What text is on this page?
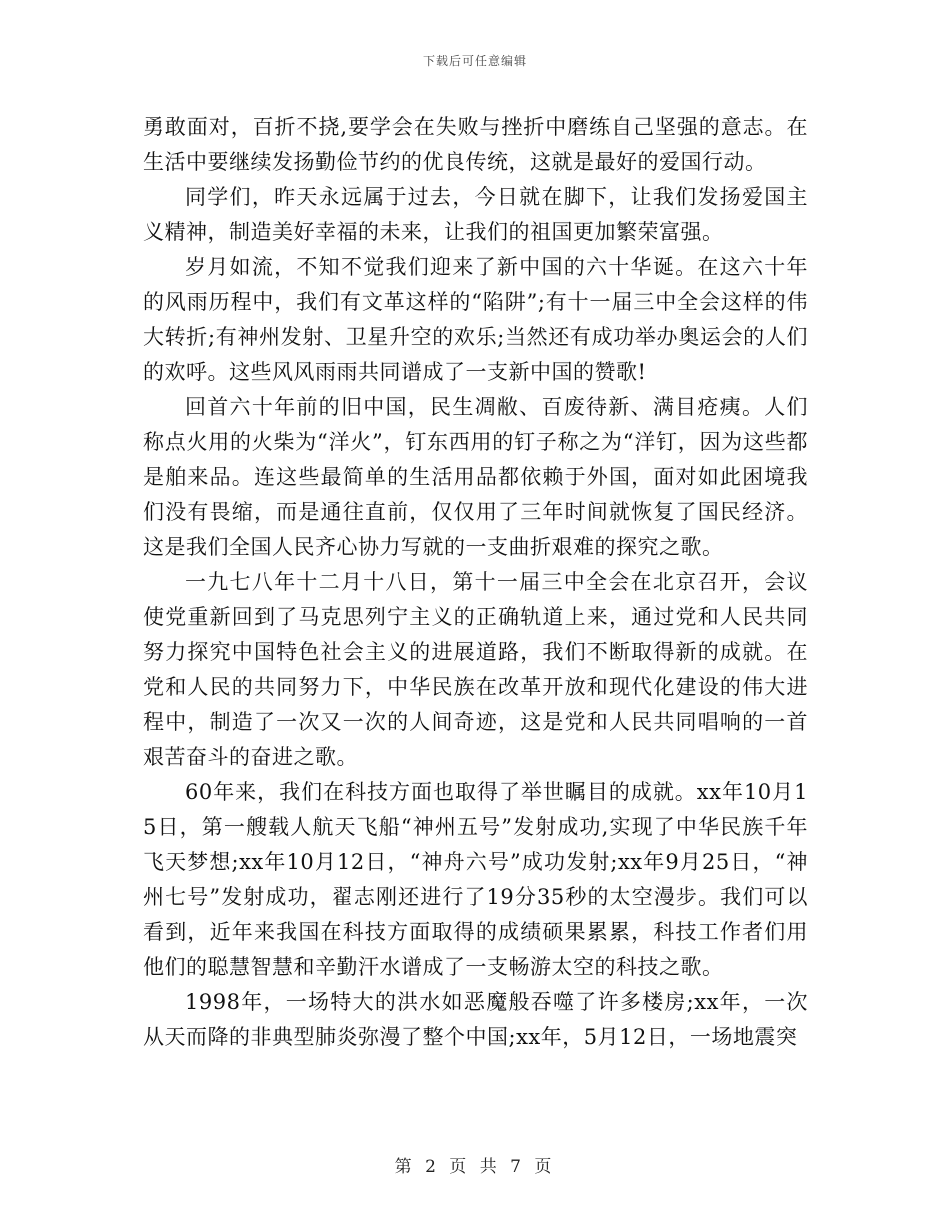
下载后可任意编辑

勇敢面对，百折不挠,要学会在失败与挫折中磨练自己坚强的意志。在生活中要继续发扬勤俭节约的优良传统，这就是最好的爱国行动。

同学们，昨天永远属于过去，今日就在脚下，让我们发扬爱国主义精神，制造美好幸福的未来，让我们的祖国更加繁荣富强。

岁月如流，不知不觉我们迎来了新中国的六十华诞。在这六十年的风雨历程中，我们有文革这样的“陷阱”;有十一届三中全会这样的伟大转折;有神州发射、卫星升空的欢乐;当然还有成功举办奥运会的人们的欢呼。这些风风雨雨共同谱成了一支新中国的赞歌!

回首六十年前的旧中国，民生凋敝、百废待新、满目疮痍。人们称点火用的火柴为“洋火”，钉东西用的钉子称之为“洋钉，因为这些都是舶来品。连这些最简单的生活用品都依赖于外国，面对如此困境我们没有畏缩，而是通往直前，仅仅用了三年时间就恢复了国民经济。这是我们全国人民齐心协力写就的一支曲折艰难的探究之歌。

一九七八年十二月十八日，第十一届三中全会在北京召开，会议使党重新回到了马克思列宁主义的正确轨道上来，通过党和人民共同努力探究中国特色社会主义的进展道路，我们不断取得新的成就。在党和人民的共同努力下，中华民族在改革开放和现代化建设的伟大进程中，制造了一次又一次的人间奇迹，这是党和人民共同唱响的一首艰苦奋斗的奋进之歌。

60年来，我们在科技方面也取得了举世瞩目的成就。xx年10月15日，第一艘载人航天飞船“神州五号”发射成功,实现了中华民族千年飞天梦想;xx年10月12日，“神舟六号”成功发射;xx年9月25日，“神州七号”发射成功，翟志刚还进行了19分35秒的太空漫步。我们可以看到，近年来我国在科技方面取得的成绩硕果累累，科技工作者们用他们的聪慧智慧和辛勤汗水谱成了一支畅游太空的科技之歌。

1998年，一场特大的洪水如恶魔般吞噬了许多楼房;xx年，一次从天而降的非典型肺炎弥漫了整个中国;xx年，5月12日，一场地震突

第 2 页 共 7 页
